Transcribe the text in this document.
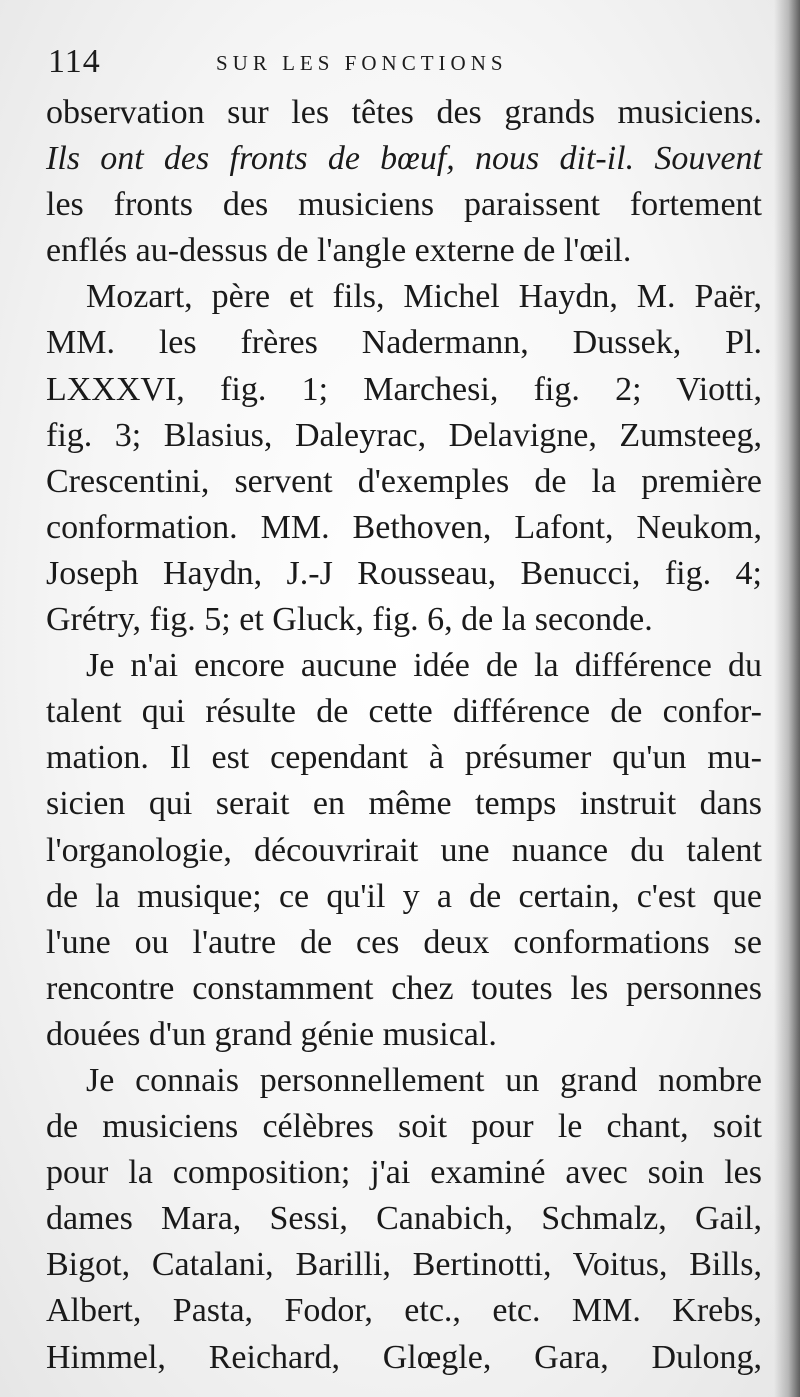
114	SUR LES FONCTIONS
observation sur les têtes des grands musiciens.
Ils ont des fronts de bœuf, nous dit-il. Souvent
les fronts des musiciens paraissent fortement
enflés au-dessus de l'angle externe de l'œil.
Mozart, père et fils, Michel Haydn, M. Paër,
MM. les frères Nadermann, Dussek, Pl.
LXXXVI, fig. 1; Marchesi, fig. 2; Viotti,
fig. 3; Blasius, Daleyrac, Delavigne, Zumsteeg,
Crescentini, servent d'exemples de la première
conformation. MM. Bethoven, Lafont, Neukom,
Joseph Haydn, J.-J Rousseau, Benucci, fig. 4;
Grétry, fig. 5; et Gluck, fig. 6, de la seconde.
Je n'ai encore aucune idée de la différence du
talent qui résulte de cette différence de confor-
mation. Il est cependant à présumer qu'un mu-
sicien qui serait en même temps instruit dans
l'organologie, découvrirait une nuance du talent
de la musique; ce qu'il y a de certain, c'est que
l'une ou l'autre de ces deux conformations se
rencontre constamment chez toutes les personnes
douées d'un grand génie musical.
Je connais personnellement un grand nombre
de musiciens célèbres soit pour le chant, soit
pour la composition; j'ai examiné avec soin les
dames Mara, Sessi, Canabich, Schmalz, Gail,
Bigot, Catalani, Barilli, Bertinotti, Voitus, Bills,
Albert, Pasta, Fodor, etc., etc. MM. Krebs,
Himmel, Reichard, Glœgle, Gara, Dulong,
